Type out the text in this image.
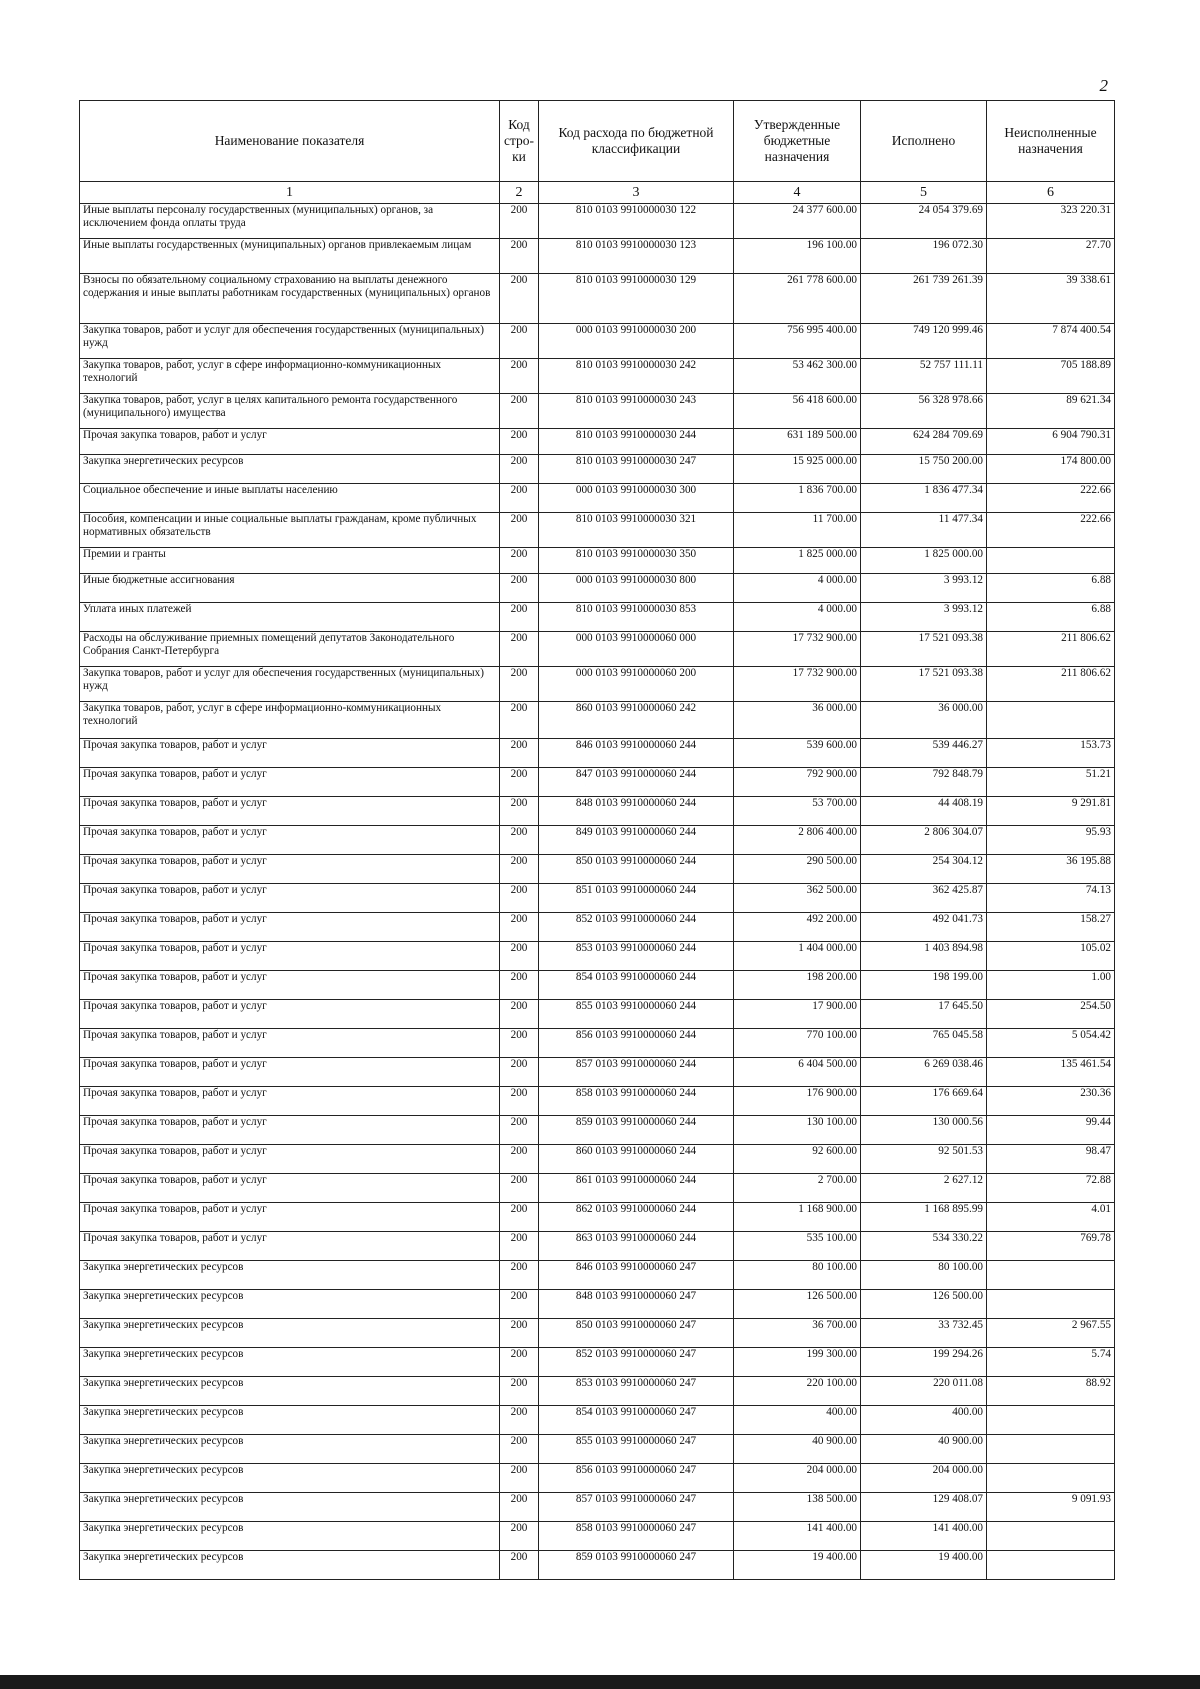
2
Наименование показателя	Код стро-ки	Код расхода по бюджетной классификации	Утвержденные бюджетные назначения	Исполнено	Неисполненные назначения
1	2	3	4	5	6
Иные выплаты персоналу государственных (муниципальных) органов, за исключением фонда оплаты труда	200	810 0103 9910000030 122	24 377 600.00	24 054 379.69	323 220.31
Иные выплаты государственных (муниципальных) органов привлекаемым лицам	200	810 0103 9910000030 123	196 100.00	196 072.30	27.70
Взносы по обязательному социальному страхованию на выплаты денежного содержания и иные выплаты работникам государственных (муниципальных) органов	200	810 0103 9910000030 129	261 778 600.00	261 739 261.39	39 338.61
Закупка товаров, работ и услуг для обеспечения государственных (муниципальных) нужд	200	000 0103 9910000030 200	756 995 400.00	749 120 999.46	7 874 400.54
Закупка товаров, работ, услуг в сфере информационно-коммуникационных технологий	200	810 0103 9910000030 242	53 462 300.00	52 757 111.11	705 188.89
Закупка товаров, работ, услуг в целях капитального ремонта государственного (муниципального) имущества	200	810 0103 9910000030 243	56 418 600.00	56 328 978.66	89 621.34
Прочая закупка товаров, работ и услуг	200	810 0103 9910000030 244	631 189 500.00	624 284 709.69	6 904 790.31
Закупка энергетических ресурсов	200	810 0103 9910000030 247	15 925 000.00	15 750 200.00	174 800.00
Социальное обеспечение и иные выплаты населению	200	000 0103 9910000030 300	1 836 700.00	1 836 477.34	222.66
Пособия, компенсации и иные социальные выплаты гражданам, кроме публичных нормативных обязательств	200	810 0103 9910000030 321	11 700.00	11 477.34	222.66
Премии и гранты	200	810 0103 9910000030 350	1 825 000.00	1 825 000.00	
Иные бюджетные ассигнования	200	000 0103 9910000030 800	4 000.00	3 993.12	6.88
Уплата иных платежей	200	810 0103 9910000030 853	4 000.00	3 993.12	6.88
Расходы на обслуживание приемных помещений депутатов Законодательного Собрания Санкт-Петербурга	200	000 0103 9910000060 000	17 732 900.00	17 521 093.38	211 806.62
Закупка товаров, работ и услуг для обеспечения государственных (муниципальных) нужд	200	000 0103 9910000060 200	17 732 900.00	17 521 093.38	211 806.62
Закупка товаров, работ, услуг в сфере информационно-коммуникационных технологий	200	860 0103 9910000060 242	36 000.00	36 000.00	
Прочая закупка товаров, работ и услуг	200	846 0103 9910000060 244	539 600.00	539 446.27	153.73
Прочая закупка товаров, работ и услуг	200	847 0103 9910000060 244	792 900.00	792 848.79	51.21
Прочая закупка товаров, работ и услуг	200	848 0103 9910000060 244	53 700.00	44 408.19	9 291.81
Прочая закупка товаров, работ и услуг	200	849 0103 9910000060 244	2 806 400.00	2 806 304.07	95.93
Прочая закупка товаров, работ и услуг	200	850 0103 9910000060 244	290 500.00	254 304.12	36 195.88
Прочая закупка товаров, работ и услуг	200	851 0103 9910000060 244	362 500.00	362 425.87	74.13
Прочая закупка товаров, работ и услуг	200	852 0103 9910000060 244	492 200.00	492 041.73	158.27
Прочая закупка товаров, работ и услуг	200	853 0103 9910000060 244	1 404 000.00	1 403 894.98	105.02
Прочая закупка товаров, работ и услуг	200	854 0103 9910000060 244	198 200.00	198 199.00	1.00
Прочая закупка товаров, работ и услуг	200	855 0103 9910000060 244	17 900.00	17 645.50	254.50
Прочая закупка товаров, работ и услуг	200	856 0103 9910000060 244	770 100.00	765 045.58	5 054.42
Прочая закупка товаров, работ и услуг	200	857 0103 9910000060 244	6 404 500.00	6 269 038.46	135 461.54
Прочая закупка товаров, работ и услуг	200	858 0103 9910000060 244	176 900.00	176 669.64	230.36
Прочая закупка товаров, работ и услуг	200	859 0103 9910000060 244	130 100.00	130 000.56	99.44
Прочая закупка товаров, работ и услуг	200	860 0103 9910000060 244	92 600.00	92 501.53	98.47
Прочая закупка товаров, работ и услуг	200	861 0103 9910000060 244	2 700.00	2 627.12	72.88
Прочая закупка товаров, работ и услуг	200	862 0103 9910000060 244	1 168 900.00	1 168 895.99	4.01
Прочая закупка товаров, работ и услуг	200	863 0103 9910000060 244	535 100.00	534 330.22	769.78
Закупка энергетических ресурсов	200	846 0103 9910000060 247	80 100.00	80 100.00	
Закупка энергетических ресурсов	200	848 0103 9910000060 247	126 500.00	126 500.00	
Закупка энергетических ресурсов	200	850 0103 9910000060 247	36 700.00	33 732.45	2 967.55
Закупка энергетических ресурсов	200	852 0103 9910000060 247	199 300.00	199 294.26	5.74
Закупка энергетических ресурсов	200	853 0103 9910000060 247	220 100.00	220 011.08	88.92
Закупка энергетических ресурсов	200	854 0103 9910000060 247	400.00	400.00	
Закупка энергетических ресурсов	200	855 0103 9910000060 247	40 900.00	40 900.00	
Закупка энергетических ресурсов	200	856 0103 9910000060 247	204 000.00	204 000.00	
Закупка энергетических ресурсов	200	857 0103 9910000060 247	138 500.00	129 408.07	9 091.93
Закупка энергетических ресурсов	200	858 0103 9910000060 247	141 400.00	141 400.00	
Закупка энергетических ресурсов	200	859 0103 9910000060 247	19 400.00	19 400.00	
